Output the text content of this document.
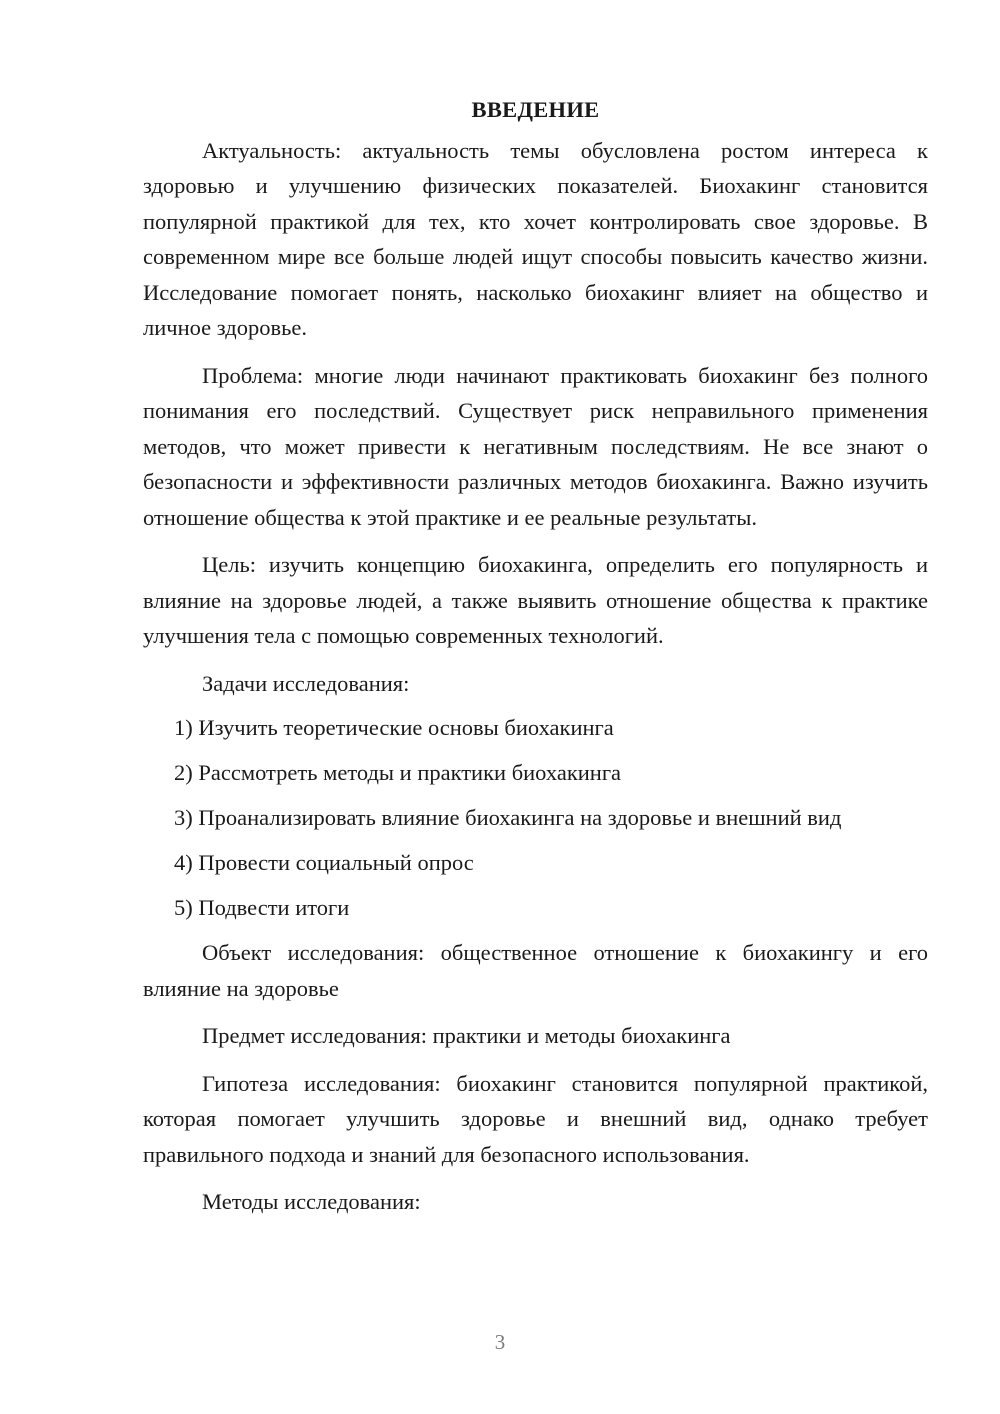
ВВЕДЕНИЕ

Актуальность: актуальность темы обусловлена ростом интереса к здоровью и улучшению физических показателей. Биохакинг становится популярной практикой для тех, кто хочет контролировать свое здоровье. В современном мире все больше людей ищут способы повысить качество жизни. Исследование помогает понять, насколько биохакинг влияет на общество и личное здоровье.

Проблема: многие люди начинают практиковать биохакинг без полного понимания его последствий. Существует риск неправильного применения методов, что может привести к негативным последствиям. Не все знают о безопасности и эффективности различных методов биохакинга. Важно изучить отношение общества к этой практике и ее реальные результаты.

Цель: изучить концепцию биохакинга, определить его популярность и влияние на здоровье людей, а также выявить отношение общества к практике улучшения тела с помощью современных технологий.

Задачи исследования:

1) Изучить теоретические основы биохакинга
2) Рассмотреть методы и практики биохакинга
3) Проанализировать влияние биохакинга на здоровье и внешний вид
4) Провести социальный опрос
5) Подвести итоги

Объект исследования: общественное отношение к биохакингу и его влияние на здоровье

Предмет исследования: практики и методы биохакинга

Гипотеза исследования: биохакинг становится популярной практикой, которая помогает улучшить здоровье и внешний вид, однако требует правильного подхода и знаний для безопасного использования.

Методы исследования:

3
